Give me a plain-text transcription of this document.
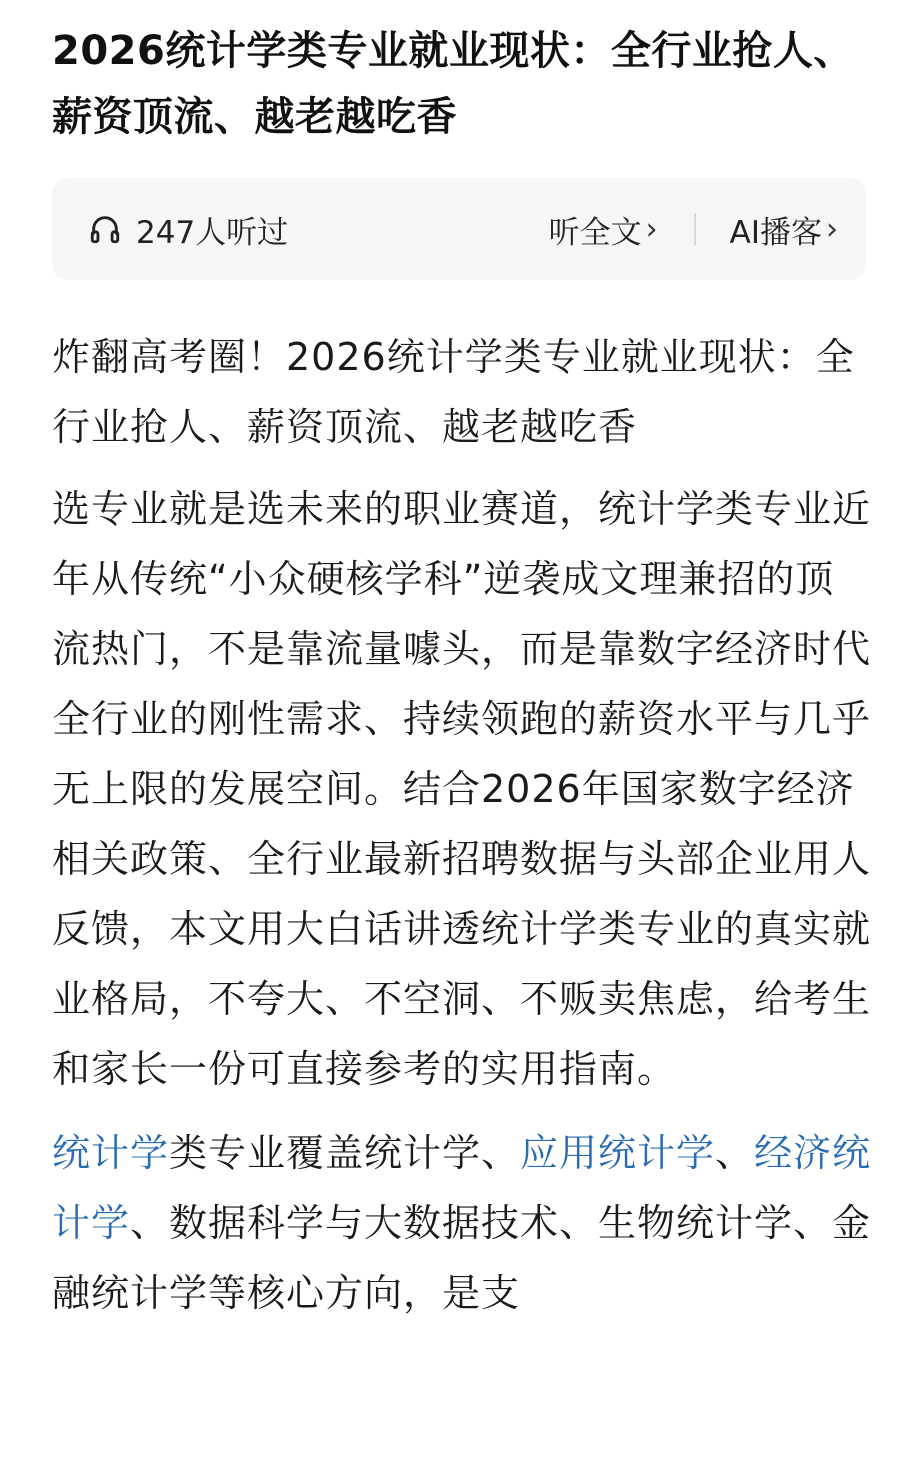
2026统计学类专业就业现状：全行业抢人、薪资顶流、越老越吃香
247人听过	听全文 › AI播客 ›

炸翻高考圈！2026统计学类专业就业现状：全行业抢人、薪资顶流、越老越吃香

选专业就是选未来的职业赛道，统计学类专业近年从传统“小众硬核学科”逆袭成文理兼招的顶流热门，不是靠流量噱头，而是靠数字经济时代全行业的刚性需求、持续领跑的薪资水平与几乎无上限的发展空间。结合2026年国家数字经济相关政策、全行业最新招聘数据与头部企业用人反馈，本文用大白话讲透统计学类专业的真实就业格局，不夸大、不空洞、不贩卖焦虑，给考生和家长一份可直接参考的实用指南。

统计学类专业覆盖统计学、应用统计学、经济统计学、数据科学与大数据技术、生物统计学、金融统计学等核心方向，是支
